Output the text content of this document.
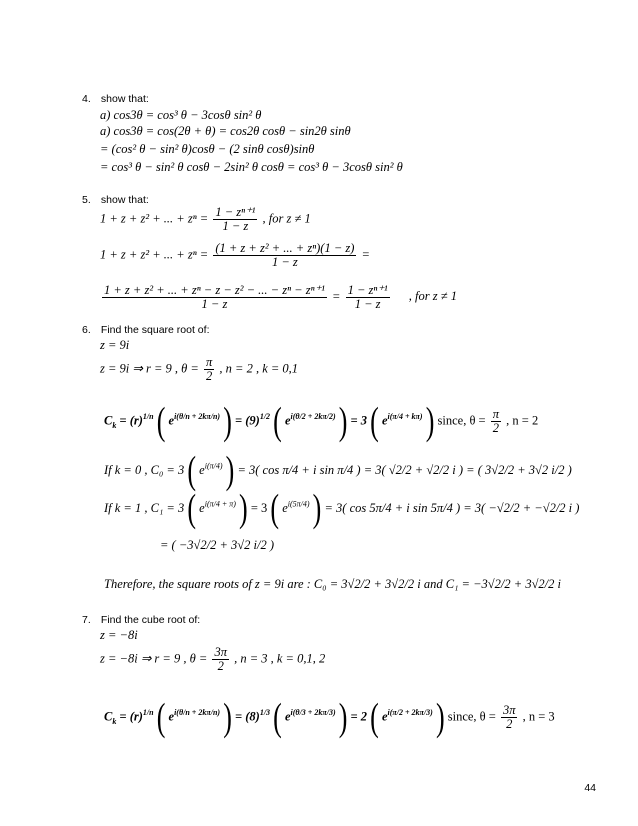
4. show that:
a) cos3θ = cos³ θ − 3cosθ sin² θ
a) cos3θ = cos(2θ + θ) = cos2θ cosθ − sin2θ sinθ
= (cos² θ − sin² θ)cosθ − (2 sinθ cosθ)sinθ
= cos³ θ − sin² θ cosθ − 2sin² θ cosθ = cos³ θ − 3cosθ sin² θ
5. show that:
1 + z + z² + ... + $z^n = \frac{\text{1 − zⁿ⁺¹}}{1 - z}$ , for z ≠ 1
1 + z + z² + ... + $z^n = \frac{\text{(1 + z + z² + ... + zⁿ)(1 − z)}}{1 - z}$ =
$\frac{\text{1 + z + z² + ... + zⁿ − z − z² − ... − zⁿ − zⁿ⁺¹}}{1 - z} = \frac{\text{1 − zⁿ⁺¹}}{1 - z}$ , for z ≠ 1
6. Find the square root of:
z = 9i
z = 9i ⇒ r = 9 , $\theta = \frac{\pi}{2}$ , n = 2 , k = 0,1
$C_k = (r)^{1/n}$ ( $e^{i(\theta/n + 2k\pi/n)}$ ) = $(9)^{1/2}$ ( $e^{i(\theta/2 + 2k\pi/2)}$ ) = 3 ( $e^{i(\pi/4 + k\pi)}$ ) since, $\theta = \frac{\pi}{2}$ , n = 2
If k = 0 , C₀ = 3 ( $e^{i(\pi/4)}$ ) = 3( cos π/4 + i sin π/4 ) = 3( √2/2 + √2/2 i ) = ( 3√2/2 + 3√2 i/2 )
If k = 1 , C₁ = 3 ( $e^{i(\pi/4 + \pi)}$ ) = 3 ( $e^{i(5\pi/4)}$ ) = 3( cos 5π/4 + i sin 5π/4 ) = 3( −√2/2 + −√2/2 i )
= ( −3√2/2 + 3√2 i/2 )
Therefore, the square roots of z = 9i are : C₀ = 3√2/2 + 3√2/2 i and C₁ = −3√2/2 + 3√2/2 i
7. Find the cube root of:
z = −8i
z = −8i ⇒ r = 9 , $\theta = \frac{3\pi}{2}$ , n = 3 , k = 0,1, 2
$C_k = (r)^{1/n}$ ( $e^{i(\theta/n + 2k\pi/n)}$ ) = $(8)^{1/3}$ ( $e^{i(\theta/3 + 2k\pi/3)}$ ) = 2 ( $e^{i(\pi/2 + 2k\pi/3)}$ ) since, $\theta = \frac{3\pi}{2}$ , n = 3
44
